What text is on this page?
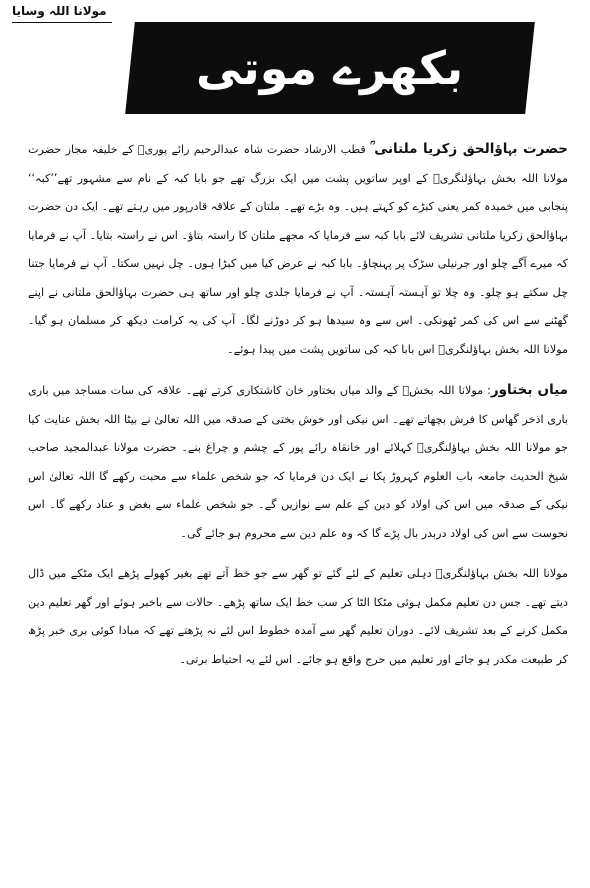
مولانا اللہ وسایا
بکھرے موتی

حضرت بہاؤالحق زکریا ملتانی ؒ قطب الارشاد حضرت شاہ عبدالرحیم رائے پوریؒ کے خلیفہ مجاز حضرت مولانا اللہ بخش بہاؤلنگریؒ کے اوپر ساتویں پشت میں ایک بزرگ تھے جو بابا کبہ کے نام سے مشہور تھے’’کبہ‘‘ پنجابی میں خمیدہ کمر یعنی کبڑے کو کہتے ہیں۔ وہ بڑے تھے۔ ملتان کے علاقہ قادرپور میں رہتے تھے۔ ایک دن حضرت بہاؤالحق زکریا ملتانی تشریف لائے بابا کبہ سے فرمایا کہ مجھے ملتان کا راستہ بتاؤ۔ اس نے راستہ بتایا۔ آپ نے فرمایا کہ میرے آگے چلو اور جرنیلی سڑک پر پہنچاؤ۔ بابا کبہ نے عرض کیا میں کبڑا ہوں۔ چل نہیں سکتا۔ آپ نے فرمایا جتنا چل سکتے ہو چلو۔ وہ چلا تو آہستہ آہستہ۔ آپ نے فرمایا جلدی چلو اور ساتھ ہی حضرت بہاؤالحق ملتانی نے اپنے گھٹنے سے اس کی کمر ٹھونکی۔ اس سے وہ سیدھا ہو کر دوڑنے لگا۔ آپ کی یہ کرامت دیکھ کر مسلمان ہو گیا۔ مولانا اللہ بخش بہاؤلنگریؒ اس بابا کبہ کی ساتویں پشت میں پیدا ہوئے۔

میاں بختاور: مولانا اللہ بخشؒ کے والد میاں بختاور خان کاشتکاری کرتے تھے۔ علاقہ کی سات مساجد میں باری باری اذخر گھاس کا فرش بچھاتے تھے۔ اس نیکی اور خوش بختی کے صدقہ میں اللہ تعالیٰ نے بیٹا اللہ بخش عنایت کیا جو مولانا اللہ بخش بہاؤلنگریؒ کہلائے اور خانقاہ رائے پور کے چشم و چراغ بنے۔ حضرت مولانا عبدالمجید صاحب شیخ الحدیث جامعہ باب العلوم کہروڑ پکا نے ایک دن فرمایا کہ جو شخص علماء سے محبت رکھے گا اللہ تعالیٰ اس نیکی کے صدقہ میں اس کی اولاد کو دین کے علم سے نوازیں گے۔ جو شخص علماء سے بغض و عناد رکھے گا۔ اس نحوست سے اس کی اولاد دربدر بال پڑے گا کہ وہ علم دین سے محروم ہو جائے گی۔

مولانا اللہ بخش بہاؤلنگریؒ دہلی تعلیم کے لئے گئے تو گھر سے جو خط آتے تھے بغیر کھولے پڑھے ایک مٹکے میں ڈال دیتے تھے۔ جس دن تعلیم مکمل ہوئی مٹکا الٹا کر سب خط ایک ساتھ پڑھے۔ حالات سے باخبر ہوئے اور گھر تعلیم دین مکمل کرنے کے بعد تشریف لائے۔ دوران تعلیم گھر سے آمدہ خطوط اس لئے نہ پڑھتے تھے کہ مبادا کوئی بری خبر پڑھ کر طبیعت مکدر ہو جائے اور تعلیم میں حرج واقع ہو جائے۔ اس لئے یہ احتیاط برتی۔
